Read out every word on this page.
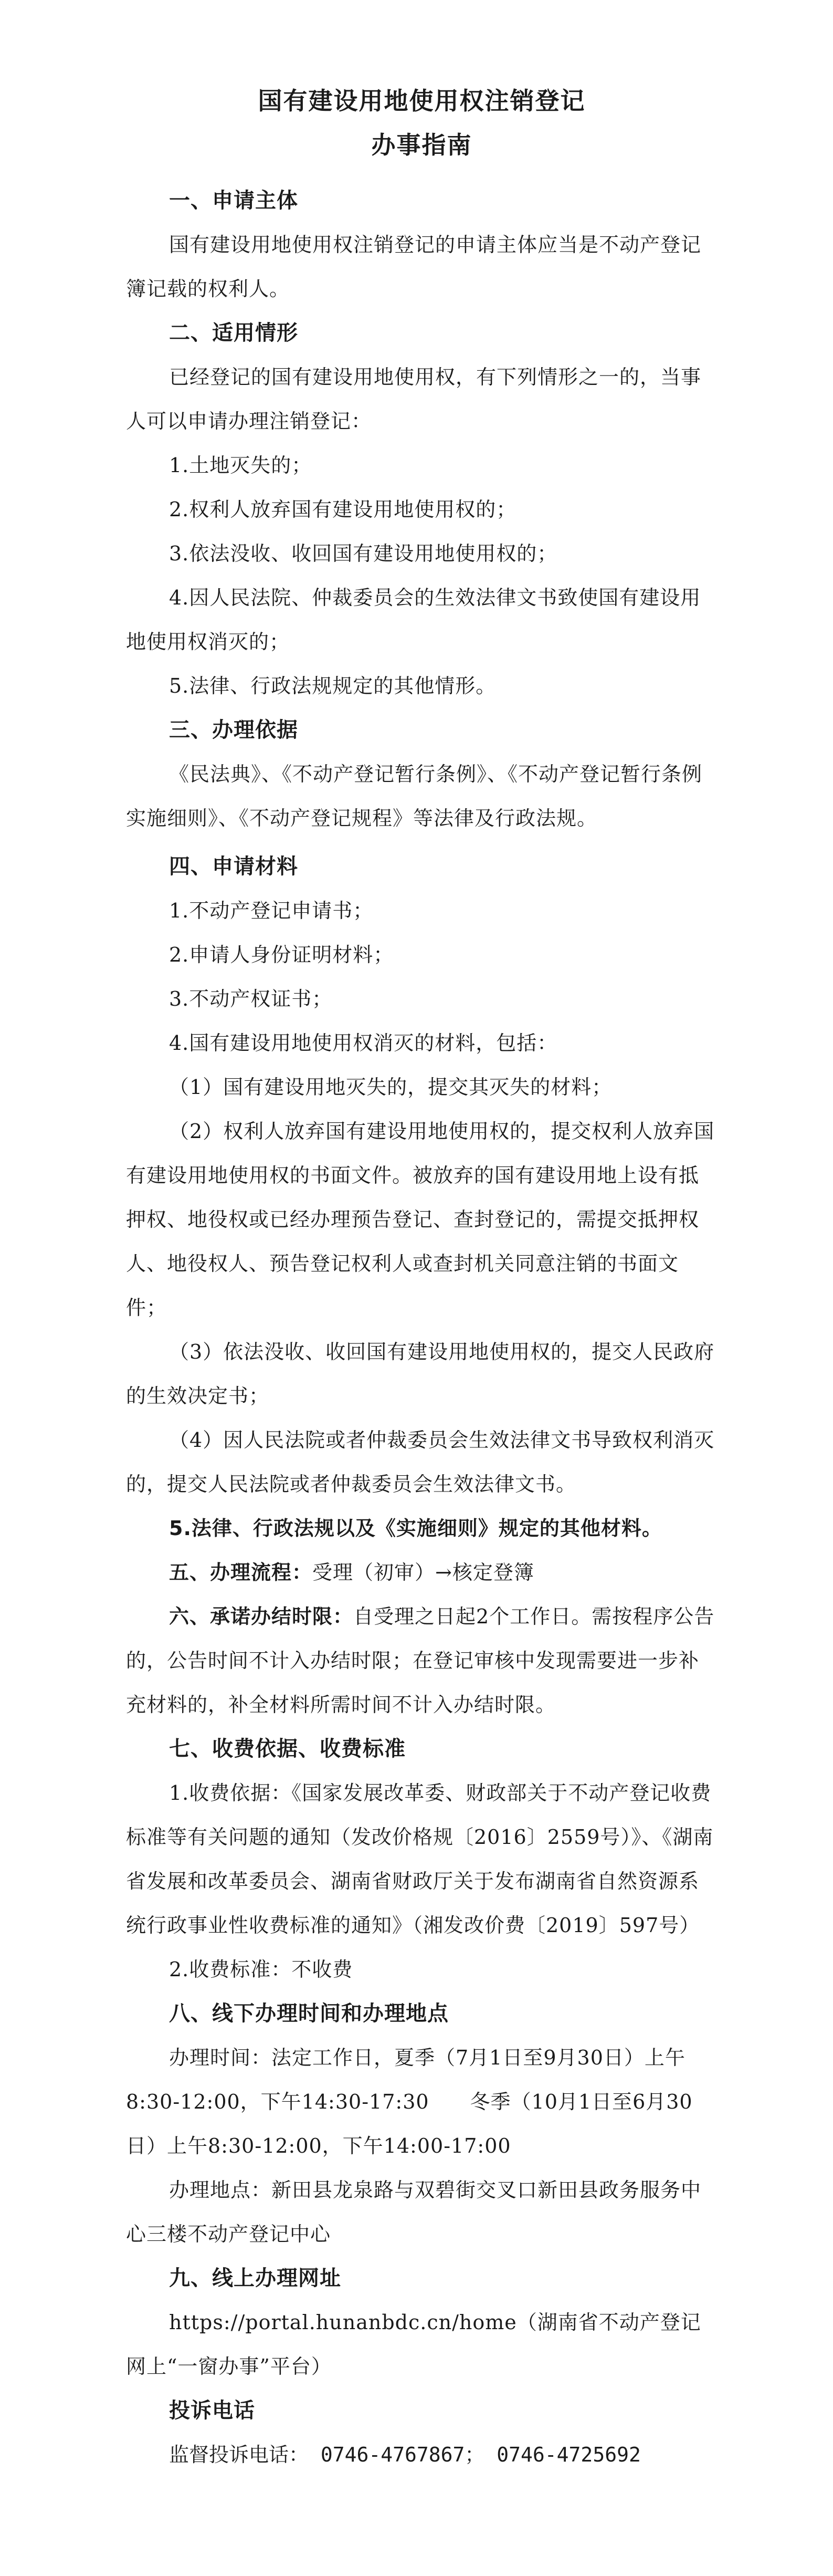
国有建设用地使用权注销登记

办事指南

一、申请主体

国有建设用地使用权注销登记的申请主体应当是不动产登记簿记载的权利人。

二、适用情形

已经登记的国有建设用地使用权，有下列情形之一的，当事人可以申请办理注销登记：

1.土地灭失的；

2.权利人放弃国有建设用地使用权的；

3.依法没收、收回国有建设用地使用权的；

4.因人民法院、仲裁委员会的生效法律文书致使国有建设用地使用权消灭的；

5.法律、行政法规规定的其他情形。

三、办理依据

《民法典》、《不动产登记暂行条例》、《不动产登记暂行条例实施细则》、《不动产登记规程》等法律及行政法规。

四、申请材料

1.不动产登记申请书；

2.申请人身份证明材料；

3.不动产权证书；

4.国有建设用地使用权消灭的材料，包括：

（1）国有建设用地灭失的，提交其灭失的材料；

（2）权利人放弃国有建设用地使用权的，提交权利人放弃国有建设用地使用权的书面文件。被放弃的国有建设用地上设有抵押权、地役权或已经办理预告登记、查封登记的，需提交抵押权人、地役权人、预告登记权利人或查封机关同意注销的书面文件；

（3）依法没收、收回国有建设用地使用权的，提交人民政府的生效决定书；

（4）因人民法院或者仲裁委员会生效法律文书导致权利消灭的，提交人民法院或者仲裁委员会生效法律文书。

5.法律、行政法规以及《实施细则》规定的其他材料。

五、办理流程：受理（初审）→核定登簿

六、承诺办结时限：自受理之日起2个工作日。需按程序公告的，公告时间不计入办结时限；在登记审核中发现需要进一步补充材料的，补全材料所需时间不计入办结时限。

七、收费依据、收费标准

1.收费依据：《国家发展改革委、财政部关于不动产登记收费标准等有关问题的通知（发改价格规〔2016〕2559号）》、《湖南省发展和改革委员会、湖南省财政厅关于发布湖南省自然资源系统行政事业性收费标准的通知》（湘发改价费〔2019〕597号）

2.收费标准：不收费

八、线下办理时间和办理地点

办理时间：法定工作日，夏季（7月1日至9月30日）上午8:30-12:00，下午14:30-17:30　　冬季（10月1日至6月30日）上午8:30-12:00，下午14:00-17:00

办理地点：新田县龙泉路与双碧街交叉口新田县政务服务中心三楼不动产登记中心

九、线上办理网址

https://portal.hunanbdc.cn/home（湖南省不动产登记网上“一窗办事”平台）

投诉电话

监督投诉电话： 0746-4767867； 0746-4725692
